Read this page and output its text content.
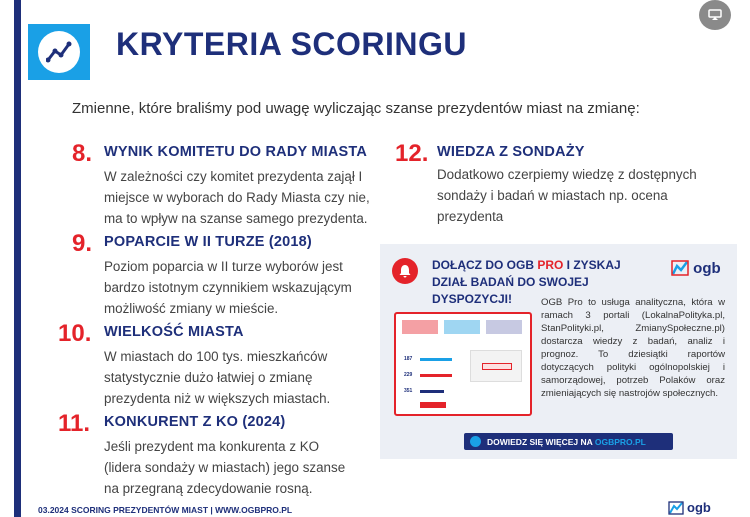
KRYTERIA SCORINGU
Zmienne, które braliśmy pod uwagę wyliczając szanse prezydentów miast na zmianę:
8. WYNIK KOMITETU DO RADY MIASTA
W zależności czy komitet prezydenta zajął I
miejsce w wyborach do Rady Miasta czy nie,
ma to wpływ na szanse samego prezydenta.
9. POPARCIE W II TURZE (2018)
Poziom poparcia w II turze wyborów jest
bardzo istotnym czynnikiem wskazującym
możliwość zmiany w mieście.
10. WIELKOŚĆ MIASTA
W miastach do 100 tys. mieszkańców
statystycznie dużo łatwiej o zmianę
prezydenta niż w większych miastach.
11. KONKURENT Z KO (2024)
Jeśli prezydent ma konkurenta z KO
(lidera sondaży w miastach) jego szanse
na przegraną zdecydowanie rosną.
12. WIEDZA Z SONDAŻY
Dodatkowo czerpiemy wiedzę z dostępnych
sondaży i badań w miastach np. ocena
prezydenta
DOŁĄCZ DO OGB PRO I ZYSKAJ DZIAŁ BADAŃ DO SWOJEJ DYSPOZYCJI!
ogb
187
229
351
OGB Pro to usługa analityczna, która w ramach 3 portali (LokalnaPolityka.pl, StanPolityki.pl, ZmianySpołeczne.pl) dostarcza wiedzy z badań, analiz i prognoz. To dziesiątki raportów dotyczących polityki ogólnopolskiej i samorządowej, potrzeb Polaków oraz zmieniających się nastrojów społecznych.
DOWIEDZ SIĘ WIĘCEJ NA OGBPRO.PL
03.2024 SCORING PREZYDENTÓW MIAST | WWW.OGBPRO.PL	ogb
